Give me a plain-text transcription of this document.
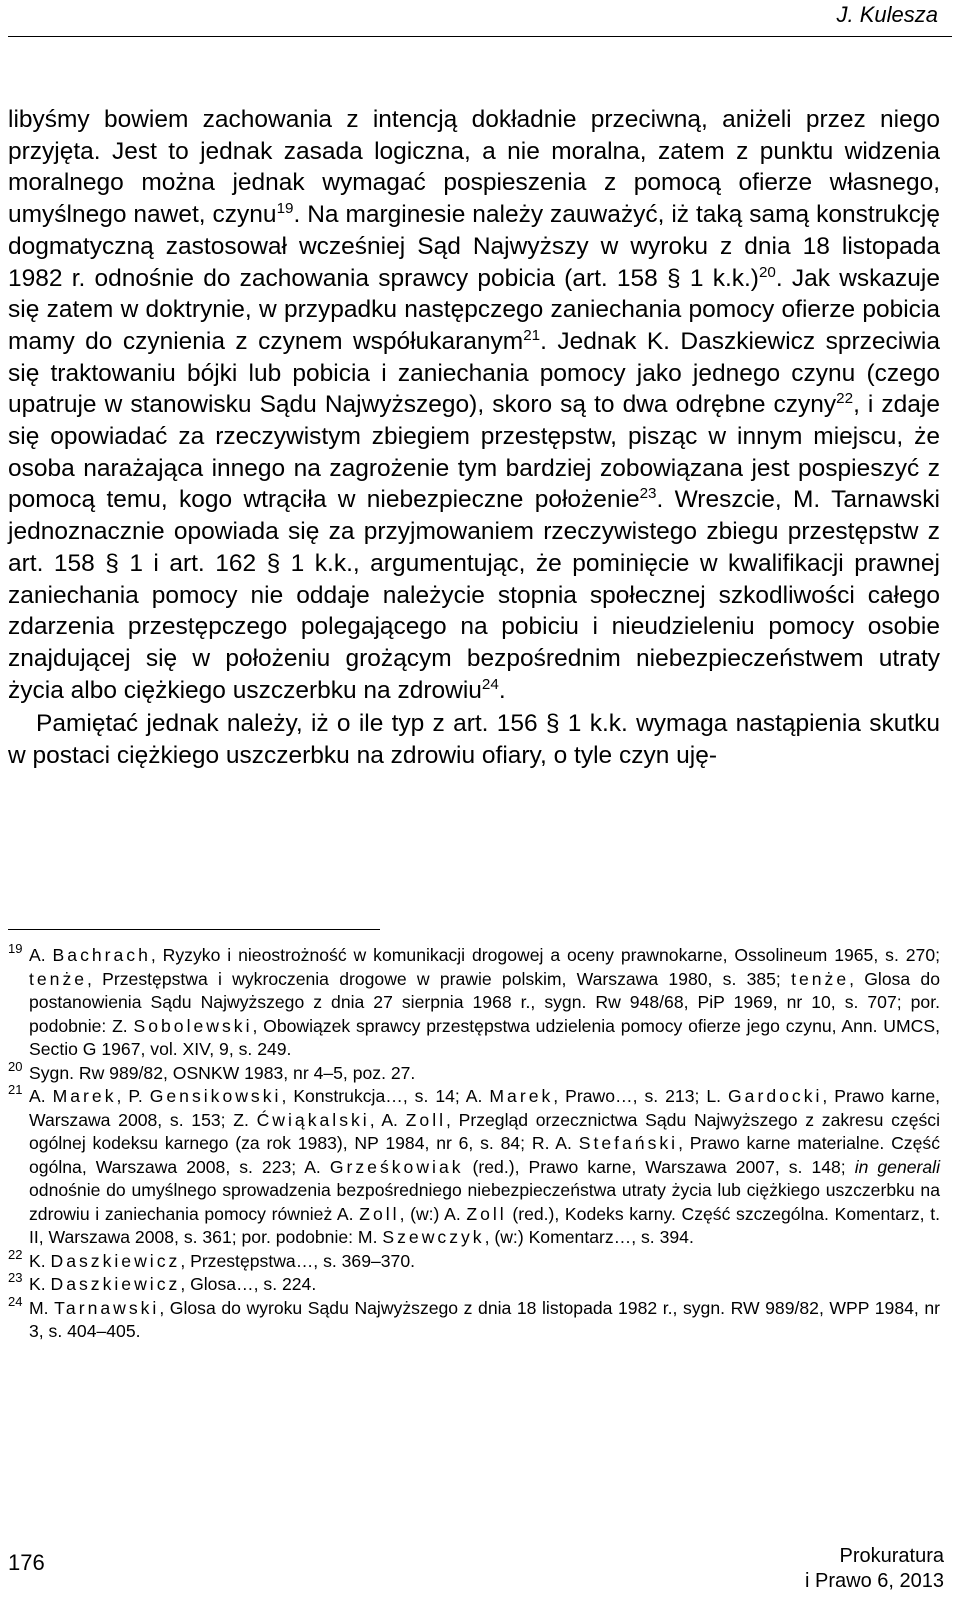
J. Kulesza

libyśmy bowiem zachowania z intencją dokładnie przeciwną, aniżeli przez niego przyjęta. Jest to jednak zasada logiczna, a nie moralna, zatem z punktu widzenia moralnego można jednak wymagać pospieszenia z pomocą ofierze własnego, umyślnego nawet, czynu$^{19}$. Na marginesie należy zauważyć, iż taką samą konstrukcję dogmatyczną zastosował wcześniej Sąd Najwyższy w wyroku z dnia 18 listopada 1982 r. odnośnie do zachowania sprawcy pobicia (art. 158 § 1 k.k.)$^{20}$. Jak wskazuje się zatem w doktrynie, w przypadku następczego zaniechania pomocy ofierze pobicia mamy do czynienia z czynem współukaranym$^{21}$. Jednak K. Daszkiewicz sprzeciwia się traktowaniu bójki lub pobicia i zaniechania pomocy jako jednego czynu (czego upatruje w stanowisku Sądu Najwyższego), skoro są to dwa odrębne czyny$^{22}$, i zdaje się opowiadać za rzeczywistym zbiegiem przestępstw, pisząc w innym miejscu, że osoba narażająca innego na zagrożenie tym bardziej zobowiązana jest pospieszyć z pomocą temu, kogo wtrąciła w niebezpieczne położenie$^{23}$. Wreszcie, M. Tarnawski jednoznacznie opowiada się za przyjmowaniem rzeczywistego zbiegu przestępstw z art. 158 § 1 i art. 162 § 1 k.k., argumentując, że pominięcie w kwalifikacji prawnej zaniechania pomocy nie oddaje należycie stopnia społecznej szkodliwości całego zdarzenia przestępczego polegającego na pobiciu i nieudzieleniu pomocy osobie znajdującej się w położeniu grożącym bezpośrednim niebezpieczeństwem utraty życia albo ciężkiego uszczerbku na zdrowiu$^{24}$.

Pamiętać jednak należy, iż o ile typ z art. 156 § 1 k.k. wymaga nastąpienia skutku w postaci ciężkiego uszczerbku na zdrowiu ofiary, o tyle czyn uję-

19 A. Bachrach, Ryzyko i nieostrożność w komunikacji drogowej a oceny prawnokarne, Ossolineum 1965, s. 270; tenże, Przestępstwa i wykroczenia drogowe w prawie polskim, Warszawa 1980, s. 385; tenże, Glosa do postanowienia Sądu Najwyższego z dnia 27 sierpnia 1968 r., sygn. Rw 948/68, PiP 1969, nr 10, s. 707; por. podobnie: Z. Sobolewski, Obowiązek sprawcy przestępstwa udzielenia pomocy ofierze jego czynu, Ann. UMCS, Sectio G 1967, vol. XIV, 9, s. 249.
20 Sygn. Rw 989/82, OSNKW 1983, nr 4–5, poz. 27.
21 A. Marek, P. Gensikowski, Konstrukcja…, s. 14; A. Marek, Prawo…, s. 213; L. Gardocki, Prawo karne, Warszawa 2008, s. 153; Z. Ćwiąkalski, A. Zoll, Przegląd orzecznictwa Sądu Najwyższego z zakresu części ogólnej kodeksu karnego (za rok 1983), NP 1984, nr 6, s. 84; R. A. Stefański, Prawo karne materialne. Część ogólna, Warszawa 2008, s. 223; A. Grześkowiak (red.), Prawo karne, Warszawa 2007, s. 148; in generali odnośnie do umyślnego sprowadzenia bezpośredniego niebezpieczeństwa utraty życia lub ciężkiego uszczerbku na zdrowiu i zaniechania pomocy również A. Zoll, (w:) A. Zoll (red.), Kodeks karny. Część szczególna. Komentarz, t. II, Warszawa 2008, s. 361; por. podobnie: M. Szewczyk, (w:) Komentarz…, s. 394.
22 K. Daszkiewicz, Przestępstwa…, s. 369–370.
23 K. Daszkiewicz, Glosa…, s. 224.
24 M. Tarnawski, Glosa do wyroku Sądu Najwyższego z dnia 18 listopada 1982 r., sygn. RW 989/82, WPP 1984, nr 3, s. 404–405.
176	Prokuratura
i Prawo 6, 2013
